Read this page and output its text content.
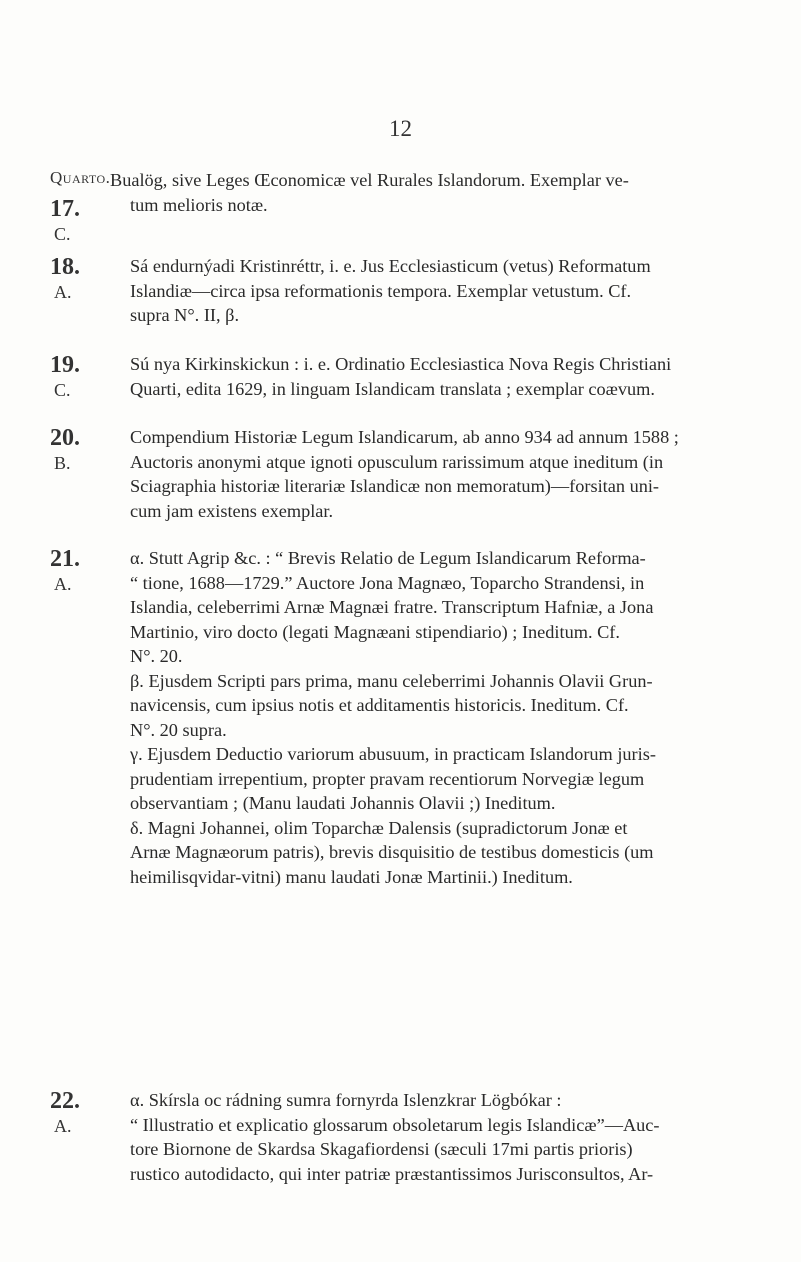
12
Quarto.
17.
C.
Bualög, sive Leges Œconomicæ vel Rurales Islandorum. Exemplar ve-
tum melioris notæ.
18.
A.
Sá endurnýadi Kristinréttr, i. e. Jus Ecclesiasticum (vetus) Reformatum
Islandiæ—circa ipsa reformationis tempora. Exemplar vetustum. Cf.
supra N°. II, β.
19.
C.
Sú nya Kirkinskickun : i. e. Ordinatio Ecclesiastica Nova Regis Christiani
Quarti, edita 1629, in linguam Islandicam translata ; exemplar coævum.
20.
B.
Compendium Historiæ Legum Islandicarum, ab anno 934 ad annum 1588 ;
Auctoris anonymi atque ignoti opusculum rarissimum atque ineditum (in
Sciagraphia historiæ literariæ Islandicæ non memoratum)—forsitan uni-
cum jam existens exemplar.
21.
A.
α. Stutt Agrip &c. : “ Brevis Relatio de Legum Islandicarum Reforma-
“ tione, 1688—1729.” Auctore Jona Magnæo, Toparcho Strandensi, in
Islandia, celeberrimi Arnæ Magnæi fratre. Transcriptum Hafniæ, a Jona
Martinio, viro docto (legati Magnæani stipendiario) ; Ineditum. Cf.
N°. 20.
β. Ejusdem Scripti pars prima, manu celeberrimi Johannis Olavii Grun-
navicensis, cum ipsius notis et additamentis historicis. Ineditum. Cf.
N°. 20 supra.
γ. Ejusdem Deductio variorum abusuum, in practicam Islandorum juris-
prudentiam irrepentium, propter pravam recentiorum Norvegiæ legum
observantiam ; (Manu laudati Johannis Olavii ;) Ineditum.
δ. Magni Johannei, olim Toparchæ Dalensis (supradictorum Jonæ et
Arnæ Magnæorum patris), brevis disquisitio de testibus domesticis (um
heimilisqvidar-vitni) manu laudati Jonæ Martinii.) Ineditum.
22.
A.
α. Skírsla oc rádning sumra fornyrda Islenzkrar Lögbókar :
“ Illustratio et explicatio glossarum obsoletarum legis Islandicæ”—Auc-
tore Biornone de Skardsa Skagafiordensi (sæculi 17mi partis prioris)
rustico autodidacto, qui inter patriæ præstantissimos Jurisconsultos, Ar-
